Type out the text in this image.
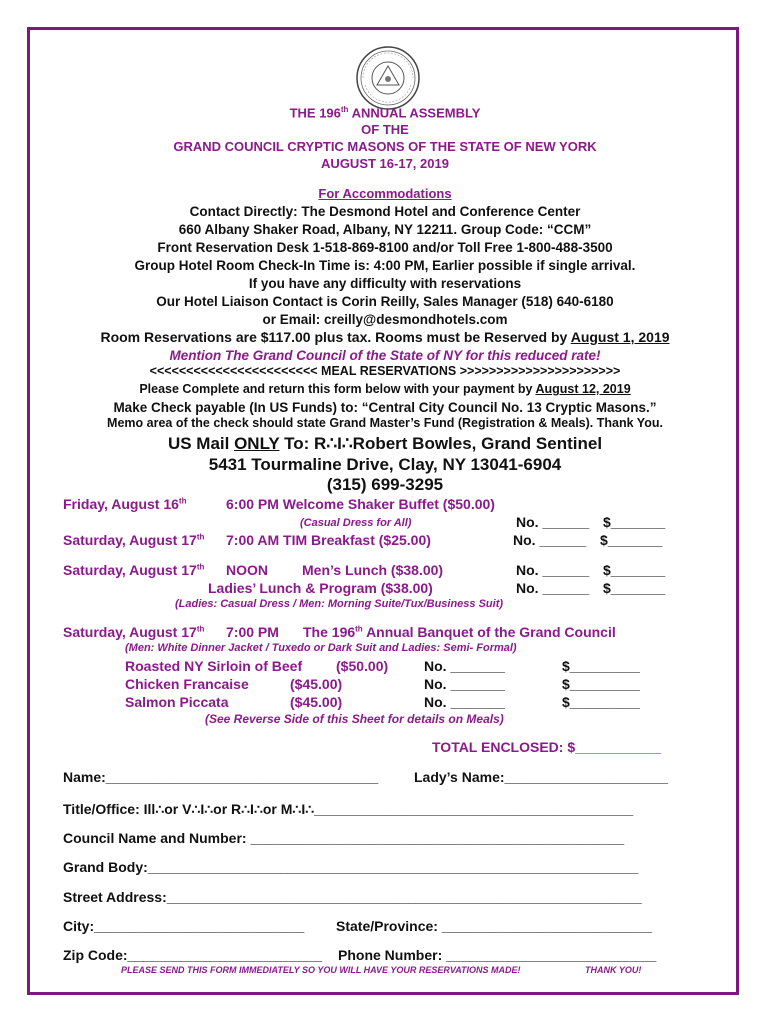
THE 196th ANNUAL ASSEMBLY
OF THE
GRAND COUNCIL CRYPTIC MASONS OF THE STATE OF NEW YORK
AUGUST 16-17, 2019
For Accommodations
Contact Directly: The Desmond Hotel and Conference Center
660 Albany Shaker Road, Albany, NY 12211. Group Code: “CCM”
Front Reservation Desk 1-518-869-8100 and/or Toll Free 1-800-488-3500
Group Hotel Room Check-In Time is: 4:00 PM, Earlier possible if single arrival.
If you have any difficulty with reservations
Our Hotel Liaison Contact is Corin Reilly, Sales Manager (518) 640-6180
or Email: creilly@desmondhotels.com
Room Reservations are $117.00 plus tax. Rooms must be Reserved by August 1, 2019
Mention The Grand Council of the State of NY for this reduced rate!
<<<<<<<<<<<<<<<<<<<<<<< MEAL RESERVATIONS >>>>>>>>>>>>>>>>>>>>>>
Please Complete and return this form below with your payment by August 12, 2019
Make Check payable (In US Funds) to: “Central City Council No. 13 Cryptic Masons.”
Memo area of the check should state Grand Master’s Fund (Registration & Meals). Thank You.
US Mail ONLY To: R∴I∴Robert Bowles, Grand Sentinel
5431 Tourmaline Drive, Clay, NY 13041-6904
(315) 699-3295
Friday, August 16th	6:00 PM Welcome Shaker Buffet ($50.00)
(Casual Dress for All)	No. ______ $_______
Saturday, August 17th 7:00 AM TIM Breakfast ($25.00)	No. ______ $_______
Saturday, August 17th NOON Men’s Lunch ($38.00)	No. ______ $_______
Ladies’ Lunch & Program ($38.00)	No. ______ $_______
(Ladies: Casual Dress / Men: Morning Suite/Tux/Business Suit)
Saturday, August 17th 7:00 PM The 196th Annual Banquet of the Grand Council
(Men: White Dinner Jacket / Tuxedo or Dark Suit and Ladies: Semi- Formal)
Roasted NY Sirloin of Beef ($50.00)	No. _______	$_________
Chicken Francaise	($45.00)	No. _______	$_________
Salmon Piccata	($45.00)	No. _______	$_________
(See Reverse Side of this Sheet for details on Meals)
TOTAL ENCLOSED: $___________
Name:___________________________________	Lady’s Name:_____________________
Title/Office: Ill∴or V∴I∴or R∴I∴or M∴I∴_________________________________________
Council Name and Number: ________________________________________________
Grand Body:_______________________________________________________________
Street Address:_____________________________________________________________
City:___________________________ State/Province: ___________________________
Zip Code:_________________________ Phone Number: ___________________________
PLEASE SEND THIS FORM IMMEDIATELY SO YOU WILL HAVE YOUR RESERVATIONS MADE!	THANK YOU!
